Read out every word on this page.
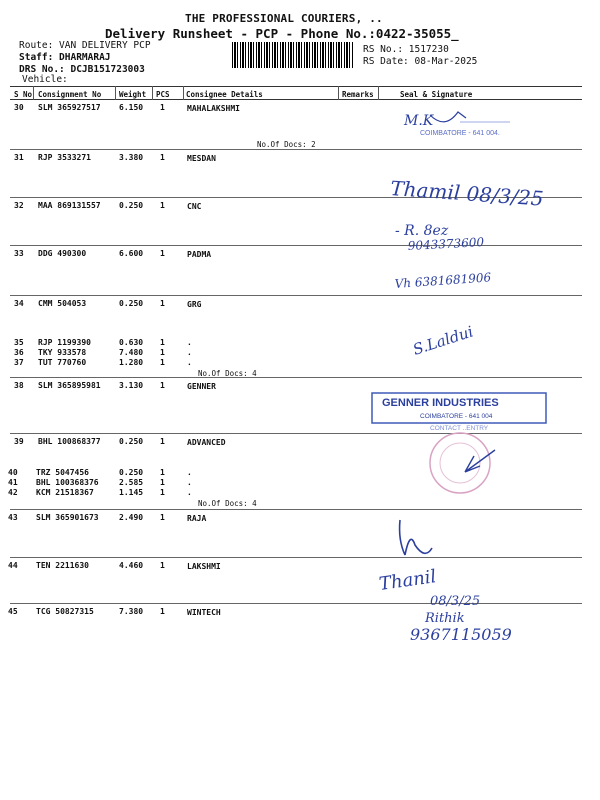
THE PROFESSIONAL COURIERS, ..
Delivery Runsheet - PCP - Phone No.:0422-35055_
Route: VAN DELIVERY PCP
Staff: DHARMARAJ
DRS No.: DCJB151723003
Vehicle:
RS No.: 1517230
RS Date: 08-Mar-2025
S No Consignment No Weight PCS Consignee Details	Remarks	Seal & Signature
30 SLM 365927517 6.150 1	MAHALAKSHMI
No.Of Docs: 2
31 RJP 3533271	3.380 1	MESDAN
32 MAA 869131557 0.250 1	CNC
33 DDG 490300	6.600 1	PADMA
34 CMM 504053	0.250 1	GRG
35 RJP 1199390	0.630 1	.
36 TKY 933578	7.480 1	.
37 TUT 770760	1.280 1	.
No.Of Docs: 4
38 SLM 365895981 3.130 1	GENNER
39 BHL 100868377 0.250 1	ADVANCED
40 TRZ 5047456	0.250 1	.
41 BHL 100368376	2.585 1	.
42 KCM 21518367	1.145 1	.
No.Of Docs: 4
43 SLM 365901673	2.490 1	RAJA
44 TEN 2211630	4.460 1	LAKSHMI
45 TCG 50827315	7.380 1	WINTECH
M.K
COIMBATORE - 641 004.
Thamil 08/3/25
- R. 8ez
9043373600
Vh 6381681906
S.Laldui
GENNER INDUSTRIES
COIMBATORE - 641 004
CONTACT ..ENTRY
Thanil
08/3/25
Rithik
9367115059
